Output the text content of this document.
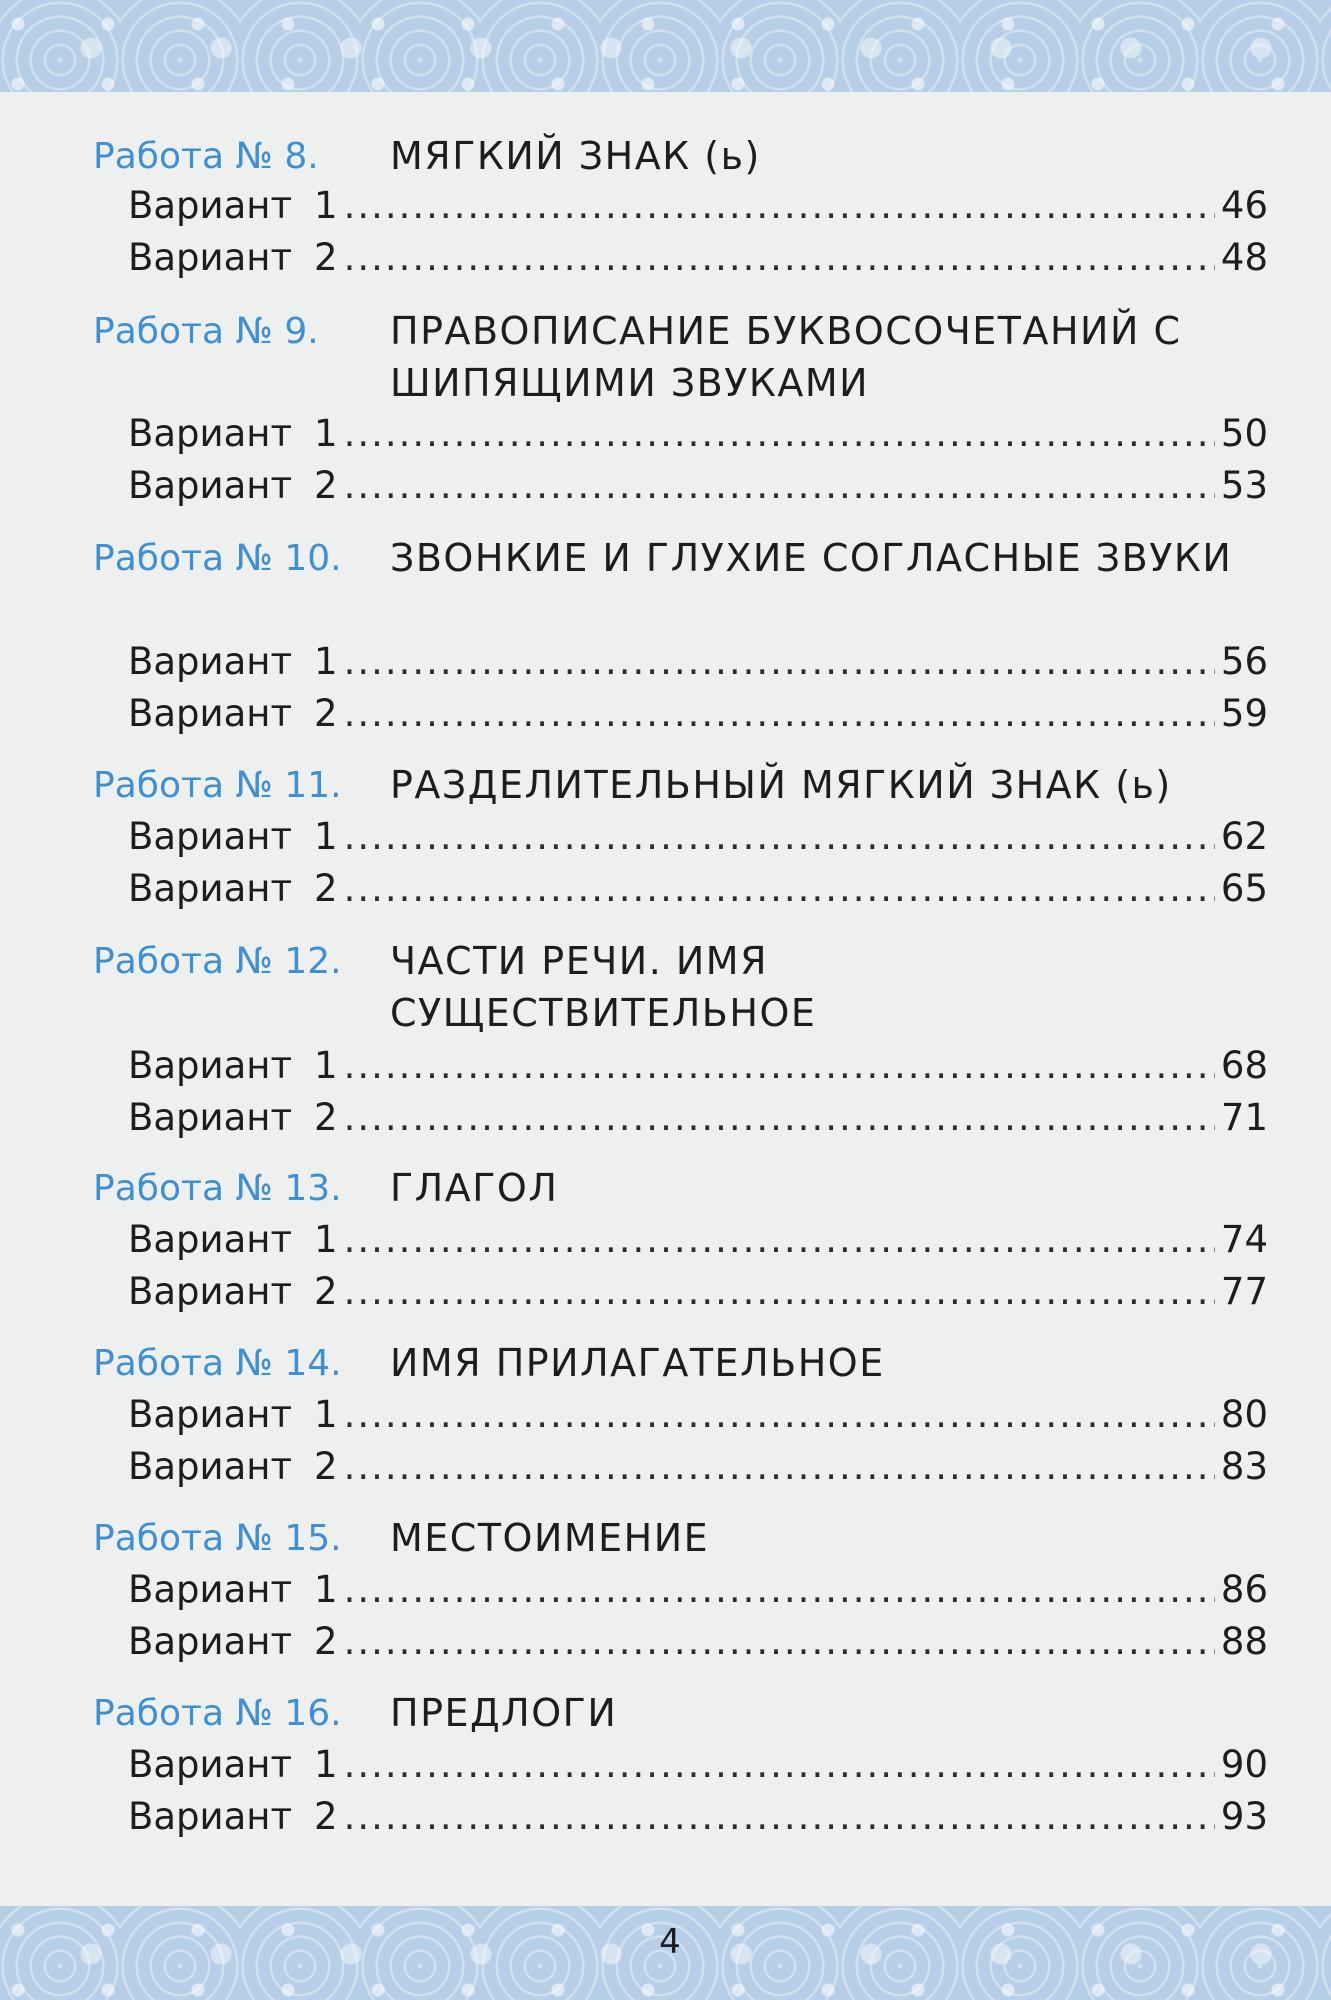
Работа № 8.	МЯГКИЙ ЗНАК (ь)
Вариант 1 .....	46
Вариант 2 .....	48
Работа № 9.	ПРАВОПИСАНИЕ БУКВОСОЧЕТАНИЙ С ШИПЯЩИМИ ЗВУКАМИ
Вариант 1 .....	50
Вариант 2 .....	53
Работа № 10.	ЗВОНКИЕ И ГЛУХИЕ СОГЛАСНЫЕ ЗВУКИ
Вариант 1 .....	56
Вариант 2 .....	59
Работа № 11.	РАЗДЕЛИТЕЛЬНЫЙ МЯГКИЙ ЗНАК (ь)
Вариант 1 .....	62
Вариант 2 .....	65
Работа № 12.	ЧАСТИ РЕЧИ. ИМЯ СУЩЕСТВИТЕЛЬНОЕ
Вариант 1 .....	68
Вариант 2 .....	71
Работа № 13.	ГЛАГОЛ
Вариант 1 .....	74
Вариант 2 .....	77
Работа № 14.	ИМЯ ПРИЛАГАТЕЛЬНОЕ
Вариант 1 .....	80
Вариант 2 .....	83
Работа № 15.	МЕСТОИМЕНИЕ
Вариант 1 .....	86
Вариант 2 .....	88
Работа № 16.	ПРЕДЛОГИ
Вариант 1 .....	90
Вариант 2 .....	93
4
